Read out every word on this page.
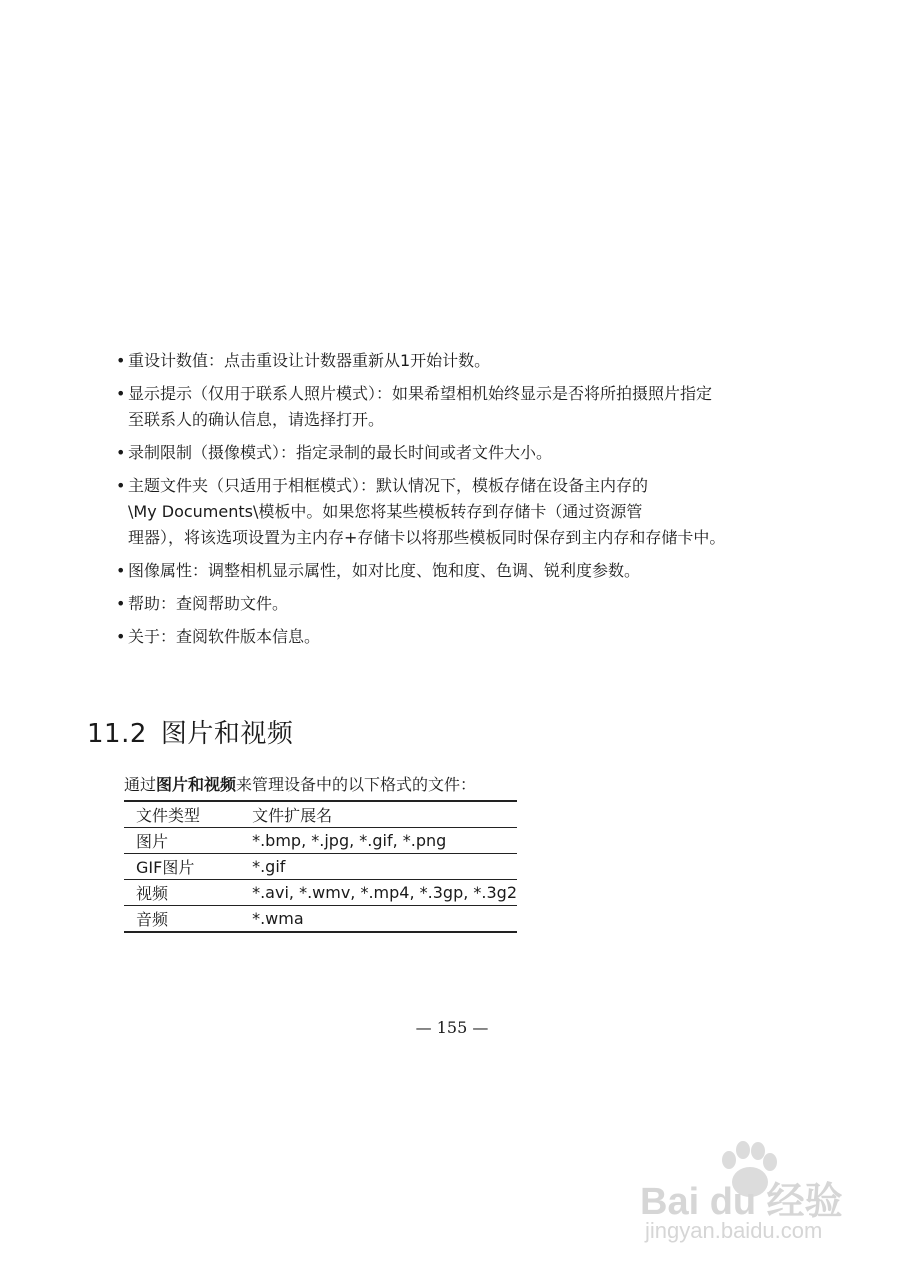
• 重设计数值：点击重设让计数器重新从1开始计数。
• 显示提示（仅用于联系人照片模式）：如果希望相机始终显示是否将所拍摄照片指定
至联系人的确认信息，请选择打开。
• 录制限制（摄像模式）：指定录制的最长时间或者文件大小。
• 主题文件夹（只适用于相框模式）：默认情况下，模板存储在设备主内存的
\My Documents\模板中。如果您将某些模板转存到存储卡（通过资源管
理器），将该选项设置为主内存+存储卡以将那些模板同时保存到主内存和存储卡中。
• 图像属性：调整相机显示属性，如对比度、饱和度、色调、锐利度参数。
• 帮助：查阅帮助文件。
• 关于：查阅软件版本信息。
11.2 图片和视频
通过图片和视频来管理设备中的以下格式的文件：
文件类型	文件扩展名
图片	*.bmp, *.jpg, *.gif, *.png
GIF图片	*.gif
视频	*.avi, *.wmv, *.mp4, *.3gp, *.3g2
音频	*.wma
— 155 —
Bai du 经验
jingyan.baidu.com
